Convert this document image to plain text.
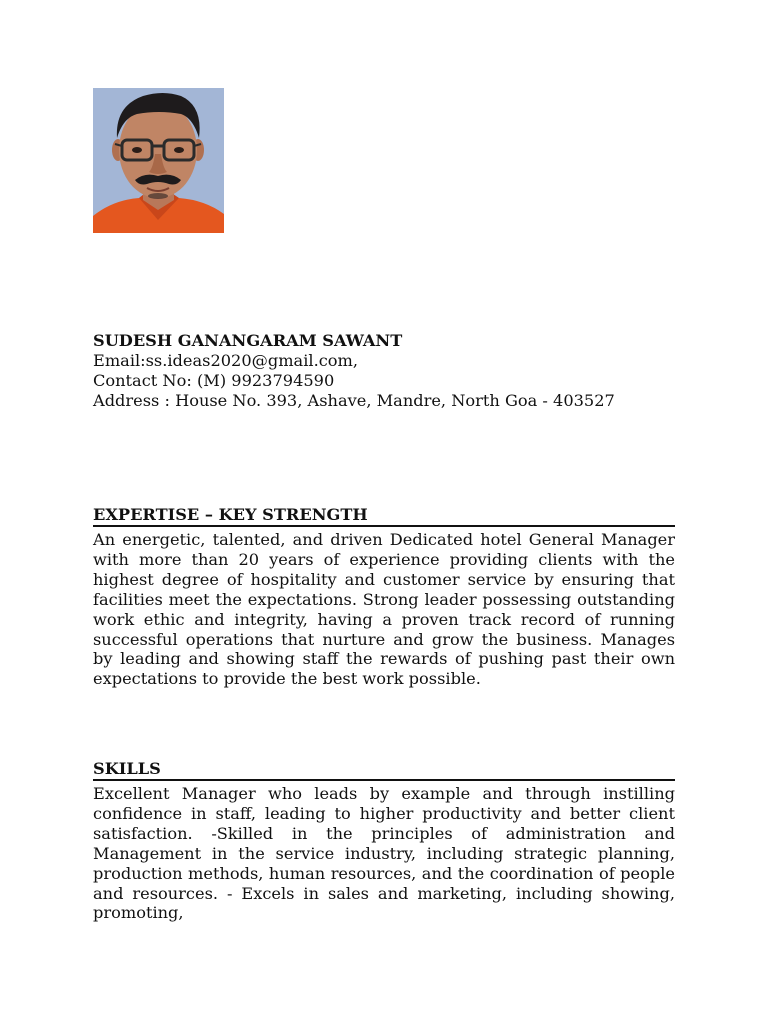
SUDESH GANANGARAM SAWANT

Email:ss.ideas2020@gmail.com,

Contact No: (M) 9923794590

Address : House No. 393, Ashave, Mandre, North Goa - 403527

EXPERTISE – KEY STRENGTH

An energetic, talented, and driven Dedicated hotel General Manager with more than 20 years of experience providing clients with the highest degree of hospitality and customer service by ensuring that facilities meet the expectations. Strong leader possessing outstanding work ethic and integrity, having a proven track record of running successful operations that nurture and grow the business. Manages by leading and showing staff the rewards of pushing past their own expectations to provide the best work possible.

SKILLS

Excellent Manager who leads by example and through instilling confidence in staff, leading to higher productivity and better client satisfaction. -Skilled in the principles of administration and Management in the service industry, including strategic planning, production methods, human resources, and the coordination of people and resources. - Excels in sales and marketing, including showing, promoting,
